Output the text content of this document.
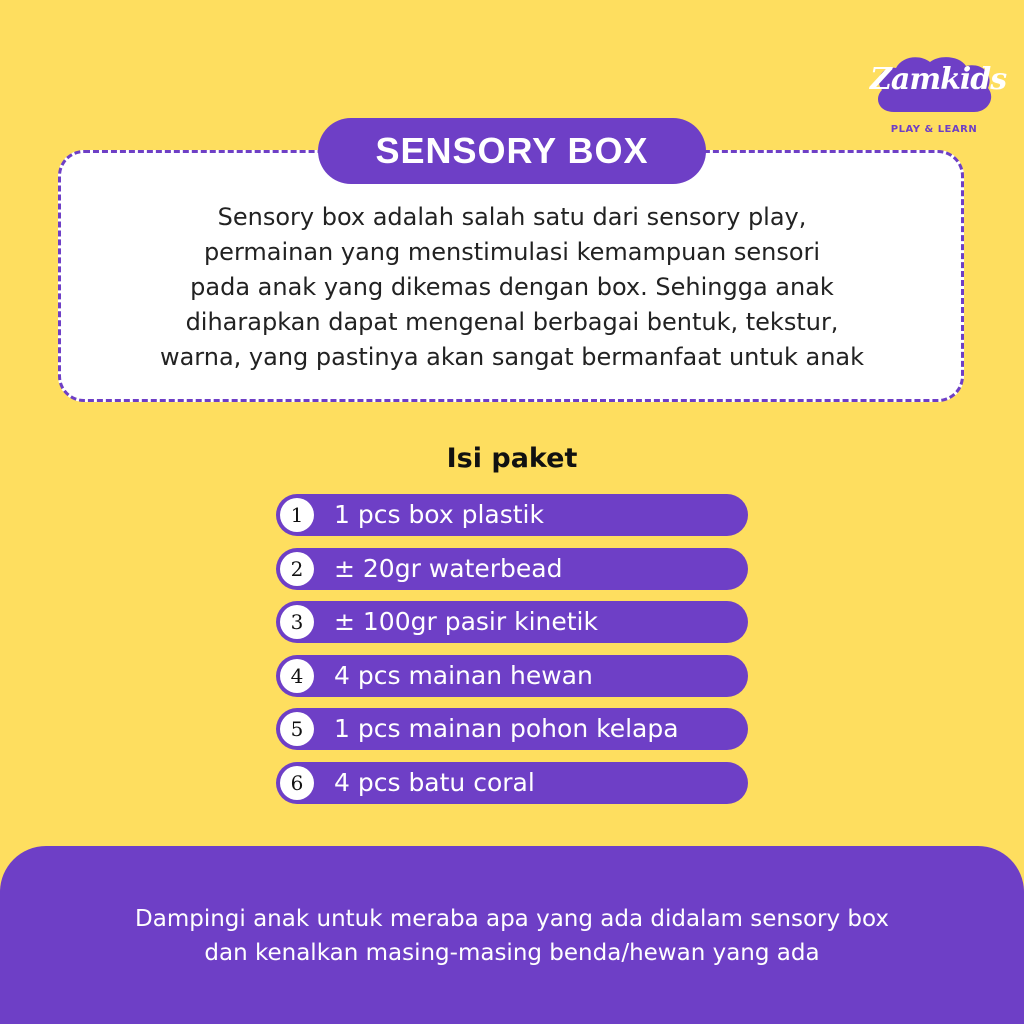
Zamkids
PLAY & LEARN
SENSORY BOX
Sensory box adalah salah satu dari sensory play,
permainan yang menstimulasi kemampuan sensori
pada anak yang dikemas dengan box. Sehingga anak
diharapkan dapat mengenal berbagai bentuk, tekstur,
warna, yang pastinya akan sangat bermanfaat untuk anak
Isi paket
1	1 pcs box plastik
2	± 20gr waterbead
3	± 100gr pasir kinetik
4	4 pcs mainan hewan
5	1 pcs mainan pohon kelapa
6	4 pcs batu coral
Dampingi anak untuk meraba apa yang ada didalam sensory box
dan kenalkan masing-masing benda/hewan yang ada
